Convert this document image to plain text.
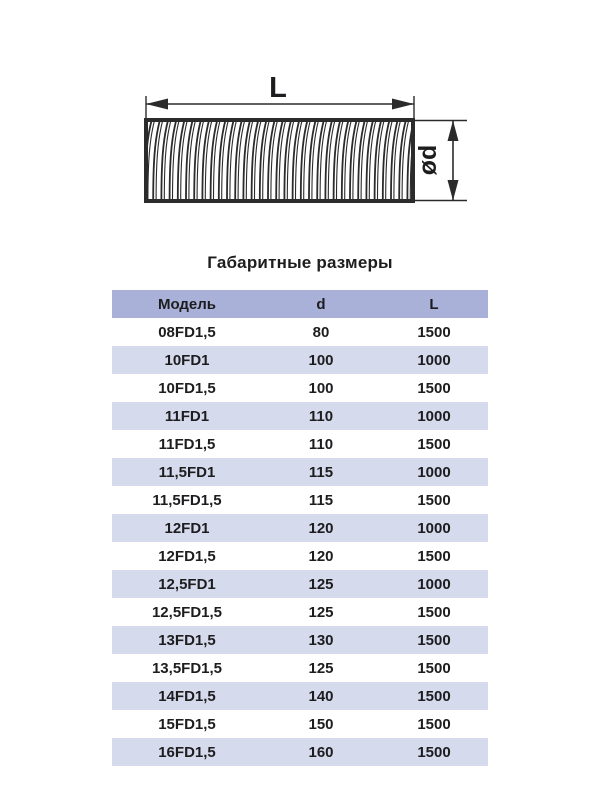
L
ød
Габаритные размеры
Модель	d	L
08FD1,5	80	1500
10FD1	100	1000
10FD1,5	100	1500
11FD1	110	1000
11FD1,5	110	1500
11,5FD1	115	1000
11,5FD1,5	115	1500
12FD1	120	1000
12FD1,5	120	1500
12,5FD1	125	1000
12,5FD1,5	125	1500
13FD1,5	130	1500
13,5FD1,5	125	1500
14FD1,5	140	1500
15FD1,5	150	1500
16FD1,5	160	1500
